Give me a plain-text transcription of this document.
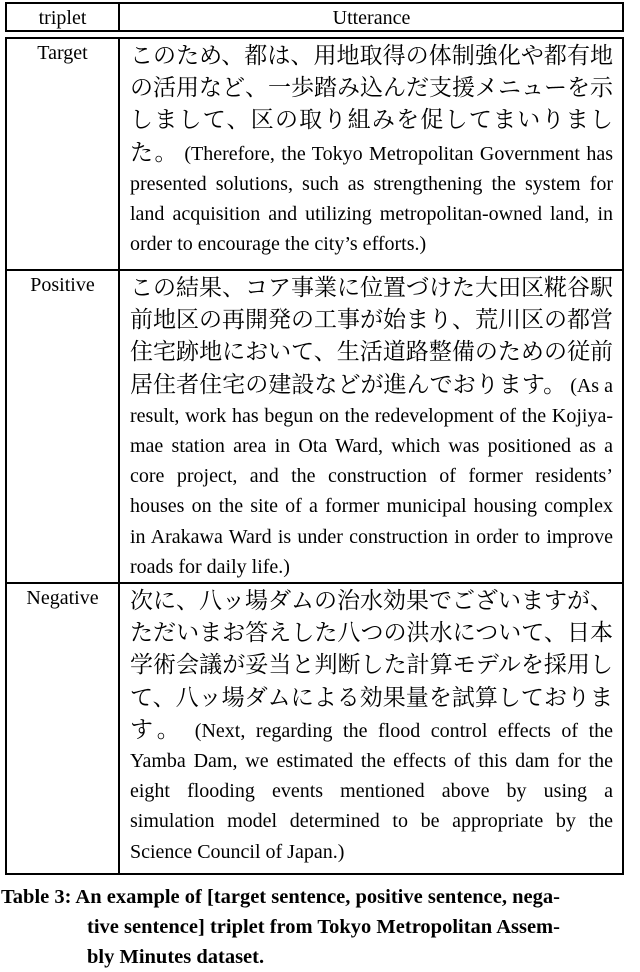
triplet	Utterance
Target	このため、都は、用地取得の体制強化や都有地の活用など、一歩踏み込んだ支援メニューを示しまして、区の取り組みを促してまいりました。 (Therefore, the Tokyo Metropolitan Government has presented solutions, such as strengthening the system for land acquisition and utilizing metropolitan-owned land, in order to encourage the city’s efforts.)
Positive	この結果、コア事業に位置づけた大田区糀谷駅前地区の再開発の工事が始まり、荒川区の都営住宅跡地において、生活道路整備のための従前居住者住宅の建設などが進んでおります。 (As a result, work has begun on the redevelopment of the Kojiya-mae station area in Ota Ward, which was positioned as a core project, and the construction of former residents’ houses on the site of a former municipal housing complex in Arakawa Ward is under construction in order to improve roads for daily life.)
Negative	次に、八ッ場ダムの治水効果でございますが、ただいまお答えした八つの洪水について、日本学術会議が妥当と判断した計算モデルを採用して、八ッ場ダムによる効果量を試算しております。 (Next, regarding the flood control effects of the Yamba Dam, we estimated the effects of this dam for the eight flooding events mentioned above by using a simulation model determined to be appropriate by the Science Council of Japan.)
Table 3: An example of [target sentence, positive sentence, nega-
tive sentence] triplet from Tokyo Metropolitan Assem-
bly Minutes dataset.
